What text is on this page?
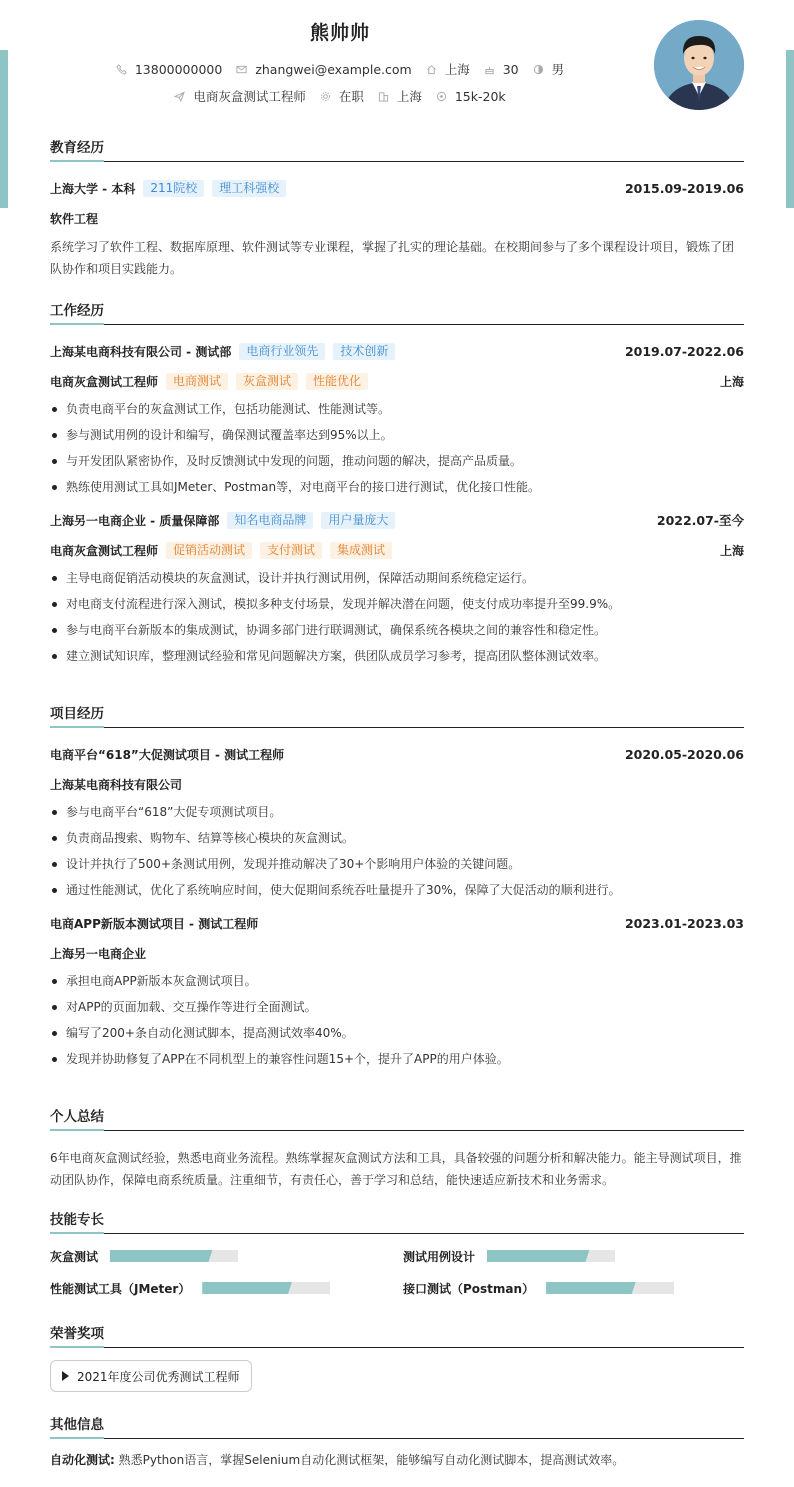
熊帅帅
13800000000	zhangwei@example.com	上海	30	男
电商灰盒测试工程师	在职	上海	15k-20k
教育经历
上海大学 - 本科	211院校	理工科强校	2015.09-2019.06
软件工程
系统学习了软件工程、数据库原理、软件测试等专业课程，掌握了扎实的理论基础。在校期间参与了多个课程设计项目，锻炼了团队协作和项目实践能力。
工作经历
上海某电商科技有限公司 - 测试部	电商行业领先	技术创新	2019.07-2022.06
电商灰盒测试工程师	电商测试	灰盒测试	性能优化	上海
负责电商平台的灰盒测试工作，包括功能测试、性能测试等。
参与测试用例的设计和编写，确保测试覆盖率达到95%以上。
与开发团队紧密协作，及时反馈测试中发现的问题，推动问题的解决，提高产品质量。
熟练使用测试工具如JMeter、Postman等，对电商平台的接口进行测试，优化接口性能。
上海另一电商企业 - 质量保障部	知名电商品牌	用户量庞大	2022.07-至今
电商灰盒测试工程师	促销活动测试	支付测试	集成测试	上海
主导电商促销活动模块的灰盒测试，设计并执行测试用例，保障活动期间系统稳定运行。
对电商支付流程进行深入测试，模拟多种支付场景，发现并解决潜在问题，使支付成功率提升至99.9%。
参与电商平台新版本的集成测试，协调多部门进行联调测试，确保系统各模块之间的兼容性和稳定性。
建立测试知识库，整理测试经验和常见问题解决方案，供团队成员学习参考，提高团队整体测试效率。
项目经历
电商平台“618”大促测试项目 - 测试工程师	2020.05-2020.06
上海某电商科技有限公司
参与电商平台“618”大促专项测试项目。
负责商品搜索、购物车、结算等核心模块的灰盒测试。
设计并执行了500+条测试用例，发现并推动解决了30+个影响用户体验的关键问题。
通过性能测试，优化了系统响应时间，使大促期间系统吞吐量提升了30%，保障了大促活动的顺利进行。
电商APP新版本测试项目 - 测试工程师	2023.01-2023.03
上海另一电商企业
承担电商APP新版本灰盒测试项目。
对APP的页面加载、交互操作等进行全面测试。
编写了200+条自动化测试脚本，提高测试效率40%。
发现并协助修复了APP在不同机型上的兼容性问题15+个，提升了APP的用户体验。
个人总结
6年电商灰盒测试经验，熟悉电商业务流程。熟练掌握灰盒测试方法和工具，具备较强的问题分析和解决能力。能主导测试项目，推动团队协作，保障电商系统质量。注重细节，有责任心，善于学习和总结，能快速适应新技术和业务需求。
技能专长
灰盒测试	测试用例设计
性能测试工具（JMeter）	接口测试（Postman）
荣誉奖项
2021年度公司优秀测试工程师
其他信息
自动化测试: 熟悉Python语言，掌握Selenium自动化测试框架，能够编写自动化测试脚本，提高测试效率。
